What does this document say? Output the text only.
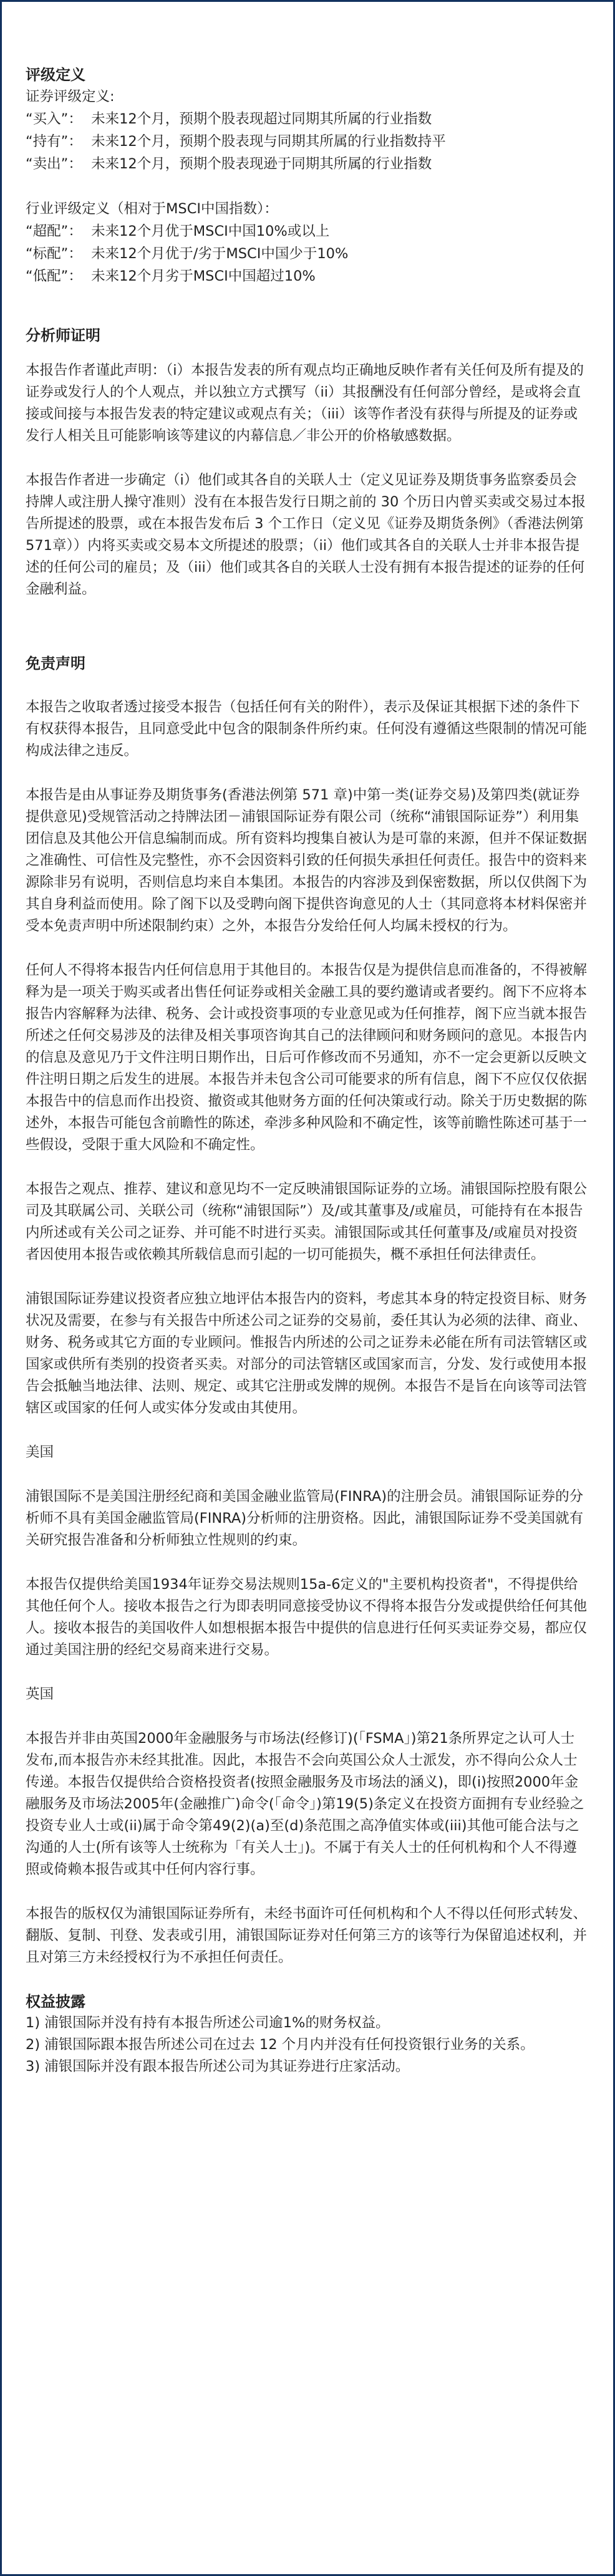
评级定义

证券评级定义:

“买入”：  未来12个月，预期个股表现超过同期其所属的行业指数

“持有”：  未来12个月，预期个股表现与同期其所属的行业指数持平

“卖出”：  未来12个月，预期个股表现逊于同期其所属的行业指数

行业评级定义（相对于MSCI中国指数）：

“超配”：  未来12个月优于MSCI中国10%或以上

“标配”：  未来12个月优于/劣于MSCI中国少于10%

“低配”：  未来12个月劣于MSCI中国超过10%

分析师证明

本报告作者谨此声明：（i）本报告发表的所有观点均正确地反映作者有关任何及所有提及的证券或发行人的个人观点，并以独立方式撰写（ii）其报酬没有任何部分曾经，是或将会直接或间接与本报告发表的特定建议或观点有关；（iii）该等作者没有获得与所提及的证券或发行人相关且可能影响该等建议的内幕信息／非公开的价格敏感数据。

本报告作者进一步确定（i）他们或其各自的关联人士（定义见证券及期货事务监察委员会持牌人或注册人操守准则）没有在本报告发行日期之前的 30 个历日内曾买卖或交易过本报告所提述的股票，或在本报告发布后 3 个工作日（定义见《证券及期货条例》（香港法例第571章））内将买卖或交易本文所提述的股票；（ii）他们或其各自的关联人士并非本报告提述的任何公司的雇员；及（iii）他们或其各自的关联人士没有拥有本报告提述的证券的任何金融利益。

免责声明

本报告之收取者透过接受本报告（包括任何有关的附件），表示及保证其根据下述的条件下有权获得本报告，且同意受此中包含的限制条件所约束。任何没有遵循这些限制的情况可能构成法律之违反。

本报告是由从事证券及期货事务(香港法例第 571 章)中第一类(证券交易)及第四类(就证券提供意见)受规管活动之持牌法团－浦银国际证券有限公司（统称“浦银国际证券”）利用集团信息及其他公开信息编制而成。所有资料均搜集自被认为是可靠的来源，但并不保证数据之准确性、可信性及完整性，亦不会因资料引致的任何损失承担任何责任。报告中的资料来源除非另有说明，否则信息均来自本集团。本报告的内容涉及到保密数据，所以仅供阁下为其自身利益而使用。除了阁下以及受聘向阁下提供咨询意见的人士（其同意将本材料保密并受本免责声明中所述限制约束）之外，本报告分发给任何人均属未授权的行为。

任何人不得将本报告内任何信息用于其他目的。本报告仅是为提供信息而准备的，不得被解释为是一项关于购买或者出售任何证券或相关金融工具的要约邀请或者要约。阁下不应将本报告内容解释为法律、税务、会计或投资事项的专业意见或为任何推荐，阁下应当就本报告所述之任何交易涉及的法律及相关事项咨询其自己的法律顾问和财务顾问的意见。本报告内的信息及意见乃于文件注明日期作出，日后可作修改而不另通知，亦不一定会更新以反映文件注明日期之后发生的进展。本报告并未包含公司可能要求的所有信息，阁下不应仅仅依据本报告中的信息而作出投资、撤资或其他财务方面的任何决策或行动。除关于历史数据的陈述外，本报告可能包含前瞻性的陈述，牵涉多种风险和不确定性，该等前瞻性陈述可基于一些假设，受限于重大风险和不确定性。

本报告之观点、推荐、建议和意见均不一定反映浦银国际证券的立场。浦银国际控股有限公司及其联属公司、关联公司（统称“浦银国际”）及/或其董事及/或雇员，可能持有在本报告内所述或有关公司之证券、并可能不时进行买卖。浦银国际或其任何董事及/或雇员对投资者因使用本报告或依赖其所载信息而引起的一切可能损失，概不承担任何法律责任。

浦银国际证券建议投资者应独立地评估本报告内的资料，考虑其本身的特定投资目标、财务状况及需要，在参与有关报告中所述公司之证券的交易前，委任其认为必须的法律、商业、财务、税务或其它方面的专业顾问。惟报告内所述的公司之证券未必能在所有司法管辖区或国家或供所有类别的投资者买卖。对部分的司法管辖区或国家而言，分发、发行或使用本报告会抵触当地法律、法则、规定、或其它注册或发牌的规例。本报告不是旨在向该等司法管辖区或国家的任何人或实体分发或由其使用。

美国

浦银国际不是美国注册经纪商和美国金融业监管局(FINRA)的注册会员。浦银国际证券的分析师不具有美国金融监管局(FINRA)分析师的注册资格。因此，浦银国际证券不受美国就有关研究报告准备和分析师独立性规则的约束。

本报告仅提供给美国1934年证券交易法规则15a-6定义的"主要机构投资者"，不得提供给其他任何个人。接收本报告之行为即表明同意接受协议不得将本报告分发或提供给任何其他人。接收本报告的美国收件人如想根据本报告中提供的信息进行任何买卖证券交易，都应仅通过美国注册的经纪交易商来进行交易。

英国

本报告并非由英国2000年金融服务与市场法(经修订)(「FSMA」)第21条所界定之认可人士发布,而本报告亦未经其批准。因此，本报告不会向英国公众人士派发，亦不得向公众人士传递。本报告仅提供给合资格投资者(按照金融服务及市场法的涵义)，即(i)按照2000年金融服务及市场法2005年(金融推广)命令(「命令」)第19(5)条定义在投资方面拥有专业经验之投资专业人士或(ii)属于命令第49(2)(a)至(d)条范围之高净值实体或(iii)其他可能合法与之沟通的人士(所有该等人士统称为「有关人士」)。不属于有关人士的任何机构和个人不得遵照或倚赖本报告或其中任何内容行事。

本报告的版权仅为浦银国际证券所有，未经书面许可任何机构和个人不得以任何形式转发、翻版、复制、刊登、发表或引用，浦银国际证券对任何第三方的该等行为保留追述权利，并且对第三方未经授权行为不承担任何责任。

权益披露

1) 浦银国际并没有持有本报告所述公司逾1%的财务权益。

2) 浦银国际跟本报告所述公司在过去 12 个月内并没有任何投资银行业务的关系。

3) 浦银国际并没有跟本报告所述公司为其证券进行庄家活动。
